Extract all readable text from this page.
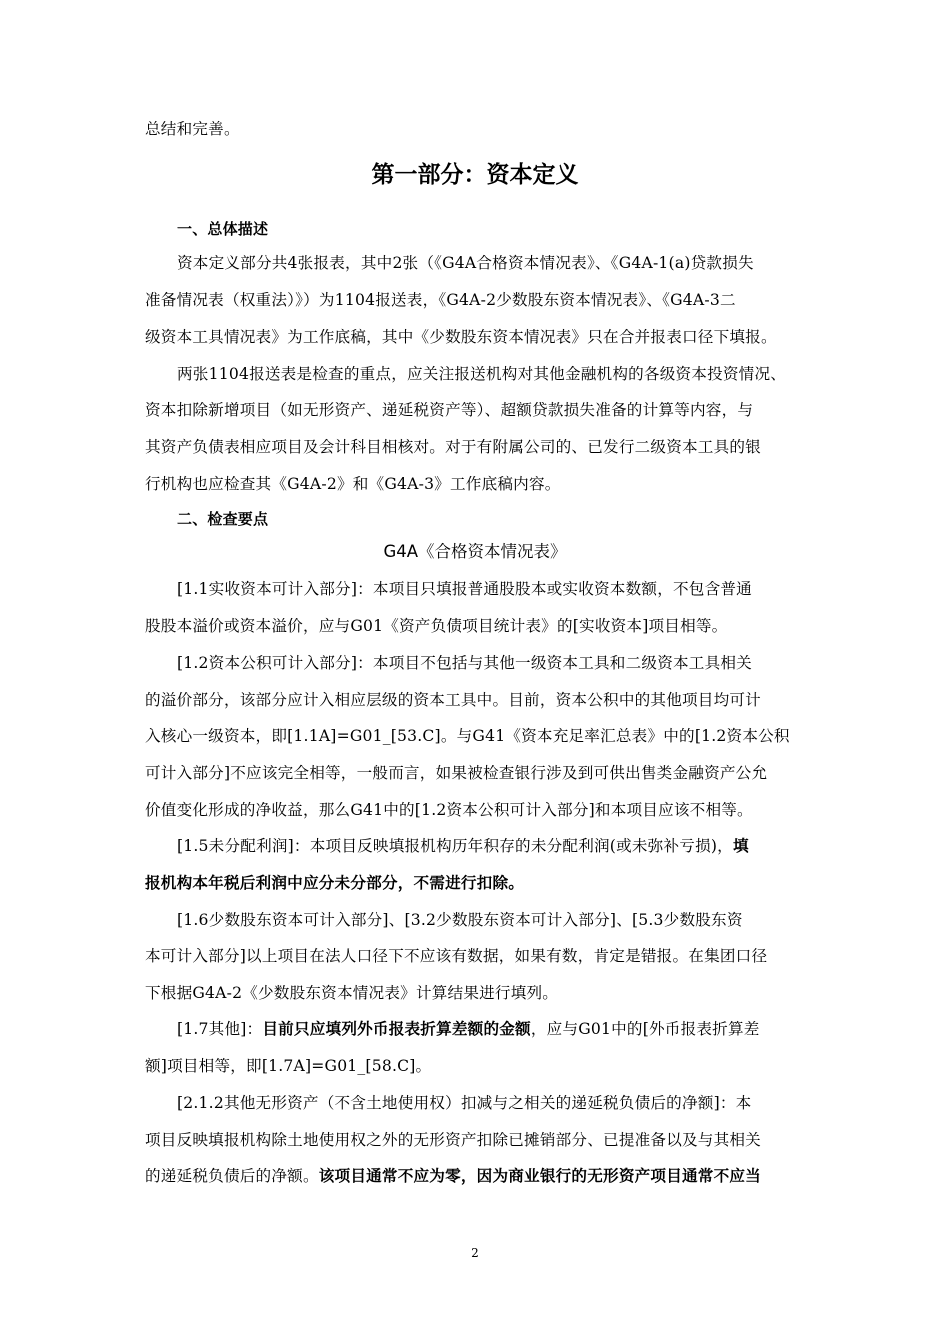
总结和完善。
第一部分：资本定义
一、总体描述
资本定义部分共4张报表，其中2张（《G4A合格资本情况表》、《G4A-1(a)贷款损失
准备情况表（权重法）》）为1104报送表，《G4A-2少数股东资本情况表》、《G4A-3二
级资本工具情况表》为工作底稿，其中《少数股东资本情况表》只在合并报表口径下填报。
两张1104报送表是检查的重点，应关注报送机构对其他金融机构的各级资本投资情况、
资本扣除新增项目（如无形资产、递延税资产等）、超额贷款损失准备的计算等内容，与
其资产负债表相应项目及会计科目相核对。对于有附属公司的、已发行二级资本工具的银
行机构也应检查其《G4A-2》和《G4A-3》工作底稿内容。
二、检查要点
G4A《合格资本情况表》
[1.1实收资本可计入部分]：本项目只填报普通股股本或实收资本数额，不包含普通
股股本溢价或资本溢价，应与G01《资产负债项目统计表》的[实收资本]项目相等。
[1.2资本公积可计入部分]：本项目不包括与其他一级资本工具和二级资本工具相关
的溢价部分，该部分应计入相应层级的资本工具中。目前，资本公积中的其他项目均可计
入核心一级资本，即[1.1A]=G01_[53.C]。与G41《资本充足率汇总表》中的[1.2资本公积
可计入部分]不应该完全相等，一般而言，如果被检查银行涉及到可供出售类金融资产公允
价值变化形成的净收益，那么G41中的[1.2资本公积可计入部分]和本项目应该不相等。
[1.5未分配利润]：本项目反映填报机构历年积存的未分配利润(或未弥补亏损)，填
报机构本年税后利润中应分未分部分，不需进行扣除。
[1.6少数股东资本可计入部分]、[3.2少数股东资本可计入部分]、[5.3少数股东资
本可计入部分]以上项目在法人口径下不应该有数据，如果有数，肯定是错报。在集团口径
下根据G4A-2《少数股东资本情况表》计算结果进行填列。
[1.7其他]：目前只应填列外币报表折算差额的金额，应与G01中的[外币报表折算差
额]项目相等，即[1.7A]=G01_[58.C]。
[2.1.2其他无形资产（不含土地使用权）扣减与之相关的递延税负债后的净额]：本
项目反映填报机构除土地使用权之外的无形资产扣除已摊销部分、已提准备以及与其相关
的递延税负债后的净额。该项目通常不应为零，因为商业银行的无形资产项目通常不应当
2
